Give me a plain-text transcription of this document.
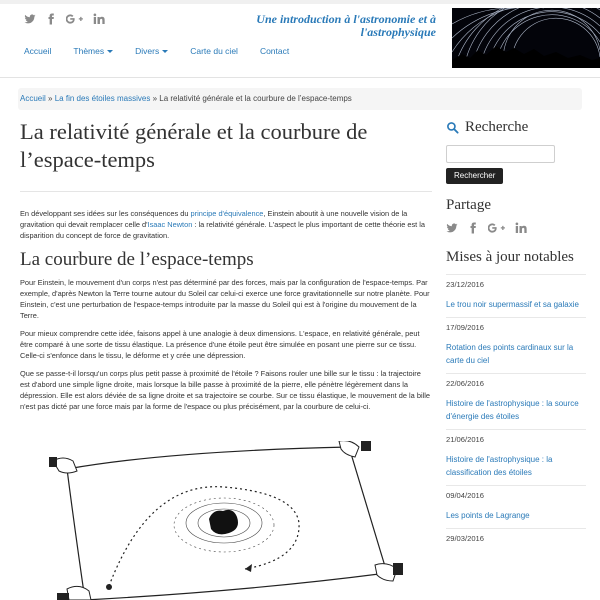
Une introduction à l'astronomie et à l'astrophysique
Accueil	Thèmes	Divers	Carte du ciel	Contact
Accueil » La fin des étoiles massives » La relativité générale et la courbure de l’espace-temps
La relativité générale et la courbure de l’espace-temps

En développant ses idées sur les conséquences du principe d'équivalence, Einstein aboutit à une nouvelle vision de la gravitation qui devait remplacer celle d'Isaac Newton : la relativité générale. L'aspect le plus important de cette théorie est la disparition du concept de force de gravitation.

La courbure de l’espace-temps

Pour Einstein, le mouvement d'un corps n'est pas déterminé par des forces, mais par la configuration de l'espace-temps. Par exemple, d'après Newton la Terre tourne autour du Soleil car celui-ci exerce une force gravitationnelle sur notre planète. Pour Einstein, c'est une perturbation de l'espace-temps introduite par la masse du Soleil qui est à l'origine du mouvement de la Terre.

Pour mieux comprendre cette idée, faisons appel à une analogie à deux dimensions. L'espace, en relativité générale, peut être comparé à une sorte de tissu élastique. La présence d'une étoile peut être simulée en posant une pierre sur ce tissu. Celle-ci s'enfonce dans le tissu, le déforme et y crée une dépression.

Que se passe-t-il lorsqu'un corps plus petit passe à proximité de l'étoile ? Faisons rouler une bille sur le tissu : la trajectoire est d'abord une simple ligne droite, mais lorsque la bille passe à proximité de la pierre, elle pénètre légèrement dans la dépression. Elle est alors déviée de sa ligne droite et sa trajectoire se courbe. Sur ce tissu élastique, le mouvement de la bille n'est pas dicté par une force mais par la forme de l'espace ou plus précisément, par la courbure de celui-ci.

Recherche
Rechercher
Partage
Mises à jour notables
23/12/2016
Le trou noir supermassif et sa galaxie
17/09/2016
Rotation des points cardinaux sur la carte du ciel
22/06/2016
Histoire de l'astrophysique : la source d'énergie des étoiles
21/06/2016
Histoire de l'astrophysique : la classification des étoiles
09/04/2016
Les points de Lagrange
29/03/2016
